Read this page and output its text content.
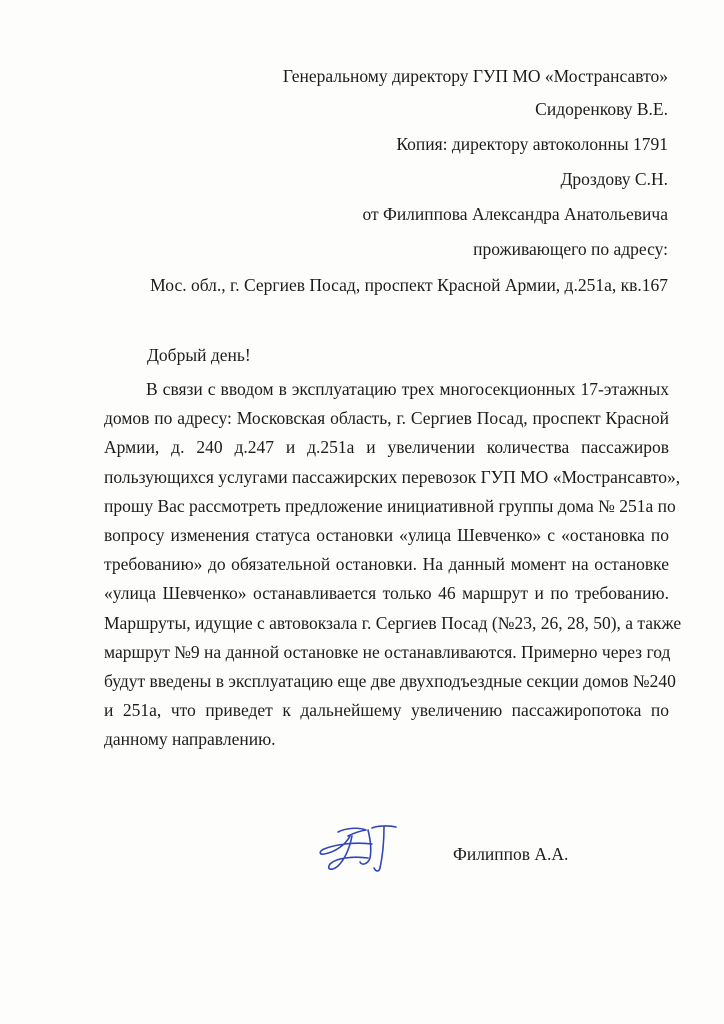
Генеральному директору ГУП МО «Мострансавто»
Сидоренкову В.Е.
Копия: директору автоколонны 1791
Дроздову С.Н.
от Филиппова Александра Анатольевича
проживающего по адресу:
Мос. обл., г. Сергиев Посад, проспект Красной Армии, д.251а, кв.167
Добрый день!
В связи с вводом в эксплуатацию трех многосекционных 17-этажных
домов по адресу: Московская область, г. Сергиев Посад, проспект Красной
Армии, д. 240 д.247 и д.251а и увеличении количества пассажиров
пользующихся услугами пассажирских перевозок ГУП МО «Мострансавто»,
прошу Вас рассмотреть предложение инициативной группы дома № 251а по
вопросу изменения статуса остановки «улица Шевченко» с «остановка по
требованию» до обязательной остановки. На данный момент на остановке
«улица Шевченко» останавливается только 46 маршрут и по требованию.
Маршруты, идущие с автовокзала г. Сергиев Посад (№23, 26, 28, 50), а также
маршрут №9 на данной остановке не останавливаются. Примерно через год
будут введены в эксплуатацию еще две двухподъездные секции домов №240
и 251а, что приведет к дальнейшему увеличению пассажиропотока по
данному направлению.
Филиппов А.А.
